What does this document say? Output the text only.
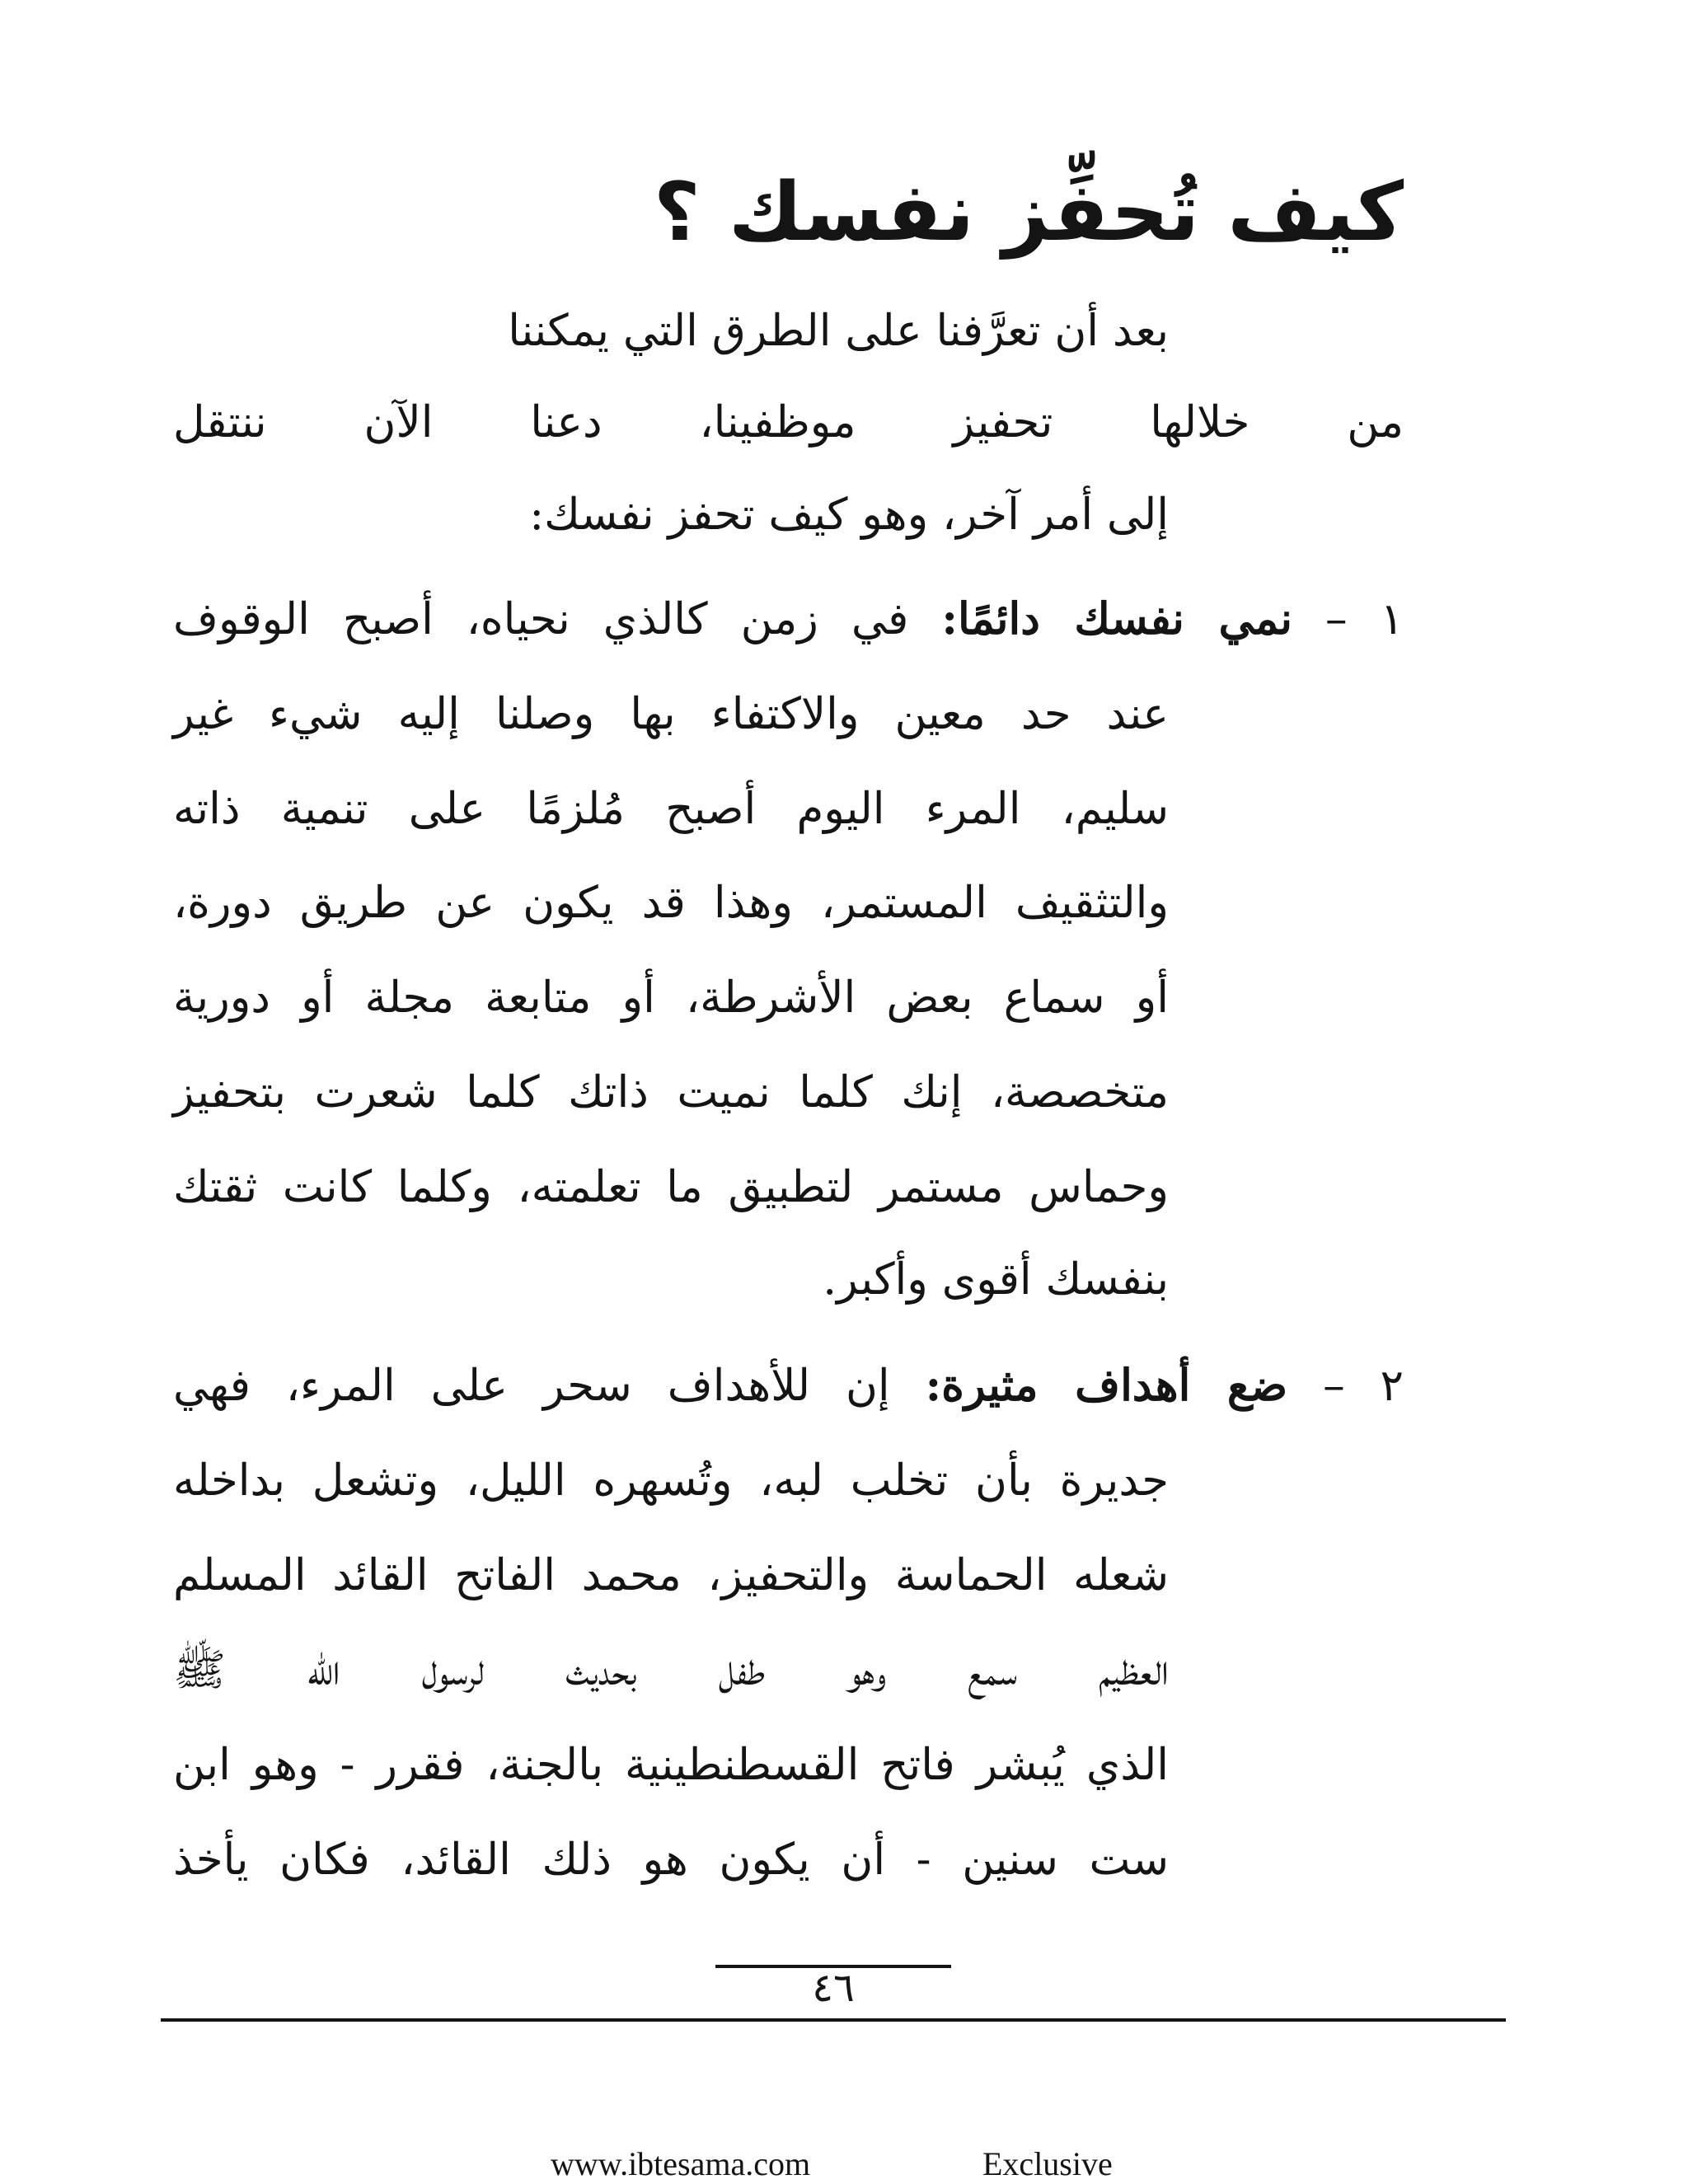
كيف تُحفِّز نفسك ؟
بعد أن تعرَّفنا على الطرق التي يمكننا
من خلالها تحفيز موظفينا، دعنا الآن ننتقل
إلى أمر آخر، وهو كيف تحفز نفسك:
١ – نمي نفسك دائمًا: في زمن كالذي نحياه، أصبح الوقوف
عند حد معين والاكتفاء بها وصلنا إليه شيء غير
سليم، المرء اليوم أصبح مُلزمًا على تنمية ذاته
والتثقيف المستمر، وهذا قد يكون عن طريق دورة،
أو سماع بعض الأشرطة، أو متابعة مجلة أو دورية
متخصصة، إنك كلما نميت ذاتك كلما شعرت بتحفيز
وحماس مستمر لتطبيق ما تعلمته، وكلما كانت ثقتك
بنفسك أقوى وأكبر.
٢ – ضع أهداف مثيرة: إن للأهداف سحر على المرء، فهي
جديرة بأن تخلب لبه، وتُسهره الليل، وتشعل بداخله
شعله الحماسة والتحفيز، محمد الفاتح القائد المسلم
العظيم سمع وهو طفل بحديث لرسول الله ﷺ
الذي يُبشر فاتح القسطنطينية بالجنة، فقرر - وهو ابن
ست سنين - أن يكون هو ذلك القائد، فكان يأخذ
٤٦
www.ibtesama.com	Exclusive
